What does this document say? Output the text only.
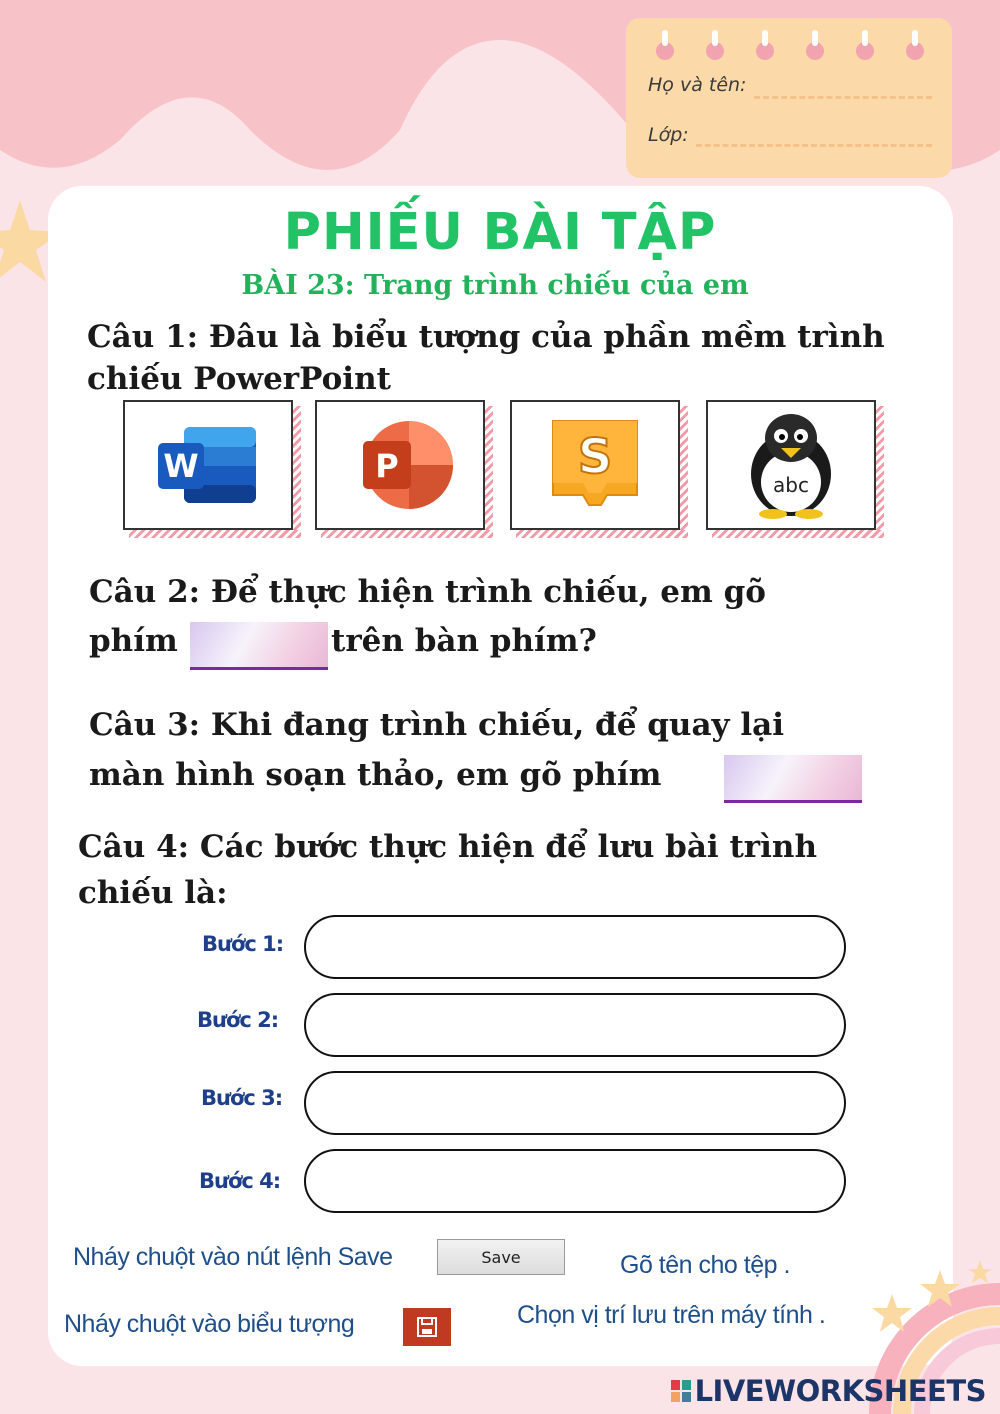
Họ và tên:
Lớp:
PHIẾU BÀI TẬP
BÀI 23: Trang trình chiếu của em
Câu 1: Đâu là biểu tượng của phần mềm trình
chiếu PowerPoint
W	P	S	abc
Câu 2: Để thực hiện trình chiếu, em gõ
phím	trên bàn phím?
Câu 3: Khi đang trình chiếu, để quay lại
màn hình soạn thảo, em gõ phím
Câu 4: Các bước thực hiện để lưu bài trình
chiếu là:
Bước 1:
Bước 2:
Bước 3:
Bước 4:
Nháy chuột vào nút lệnh Save	Save	Gõ tên cho tệp .
Nháy chuột vào biểu tượng	Chọn vị trí lưu trên máy tính .
LIVEWORKSHEETS
